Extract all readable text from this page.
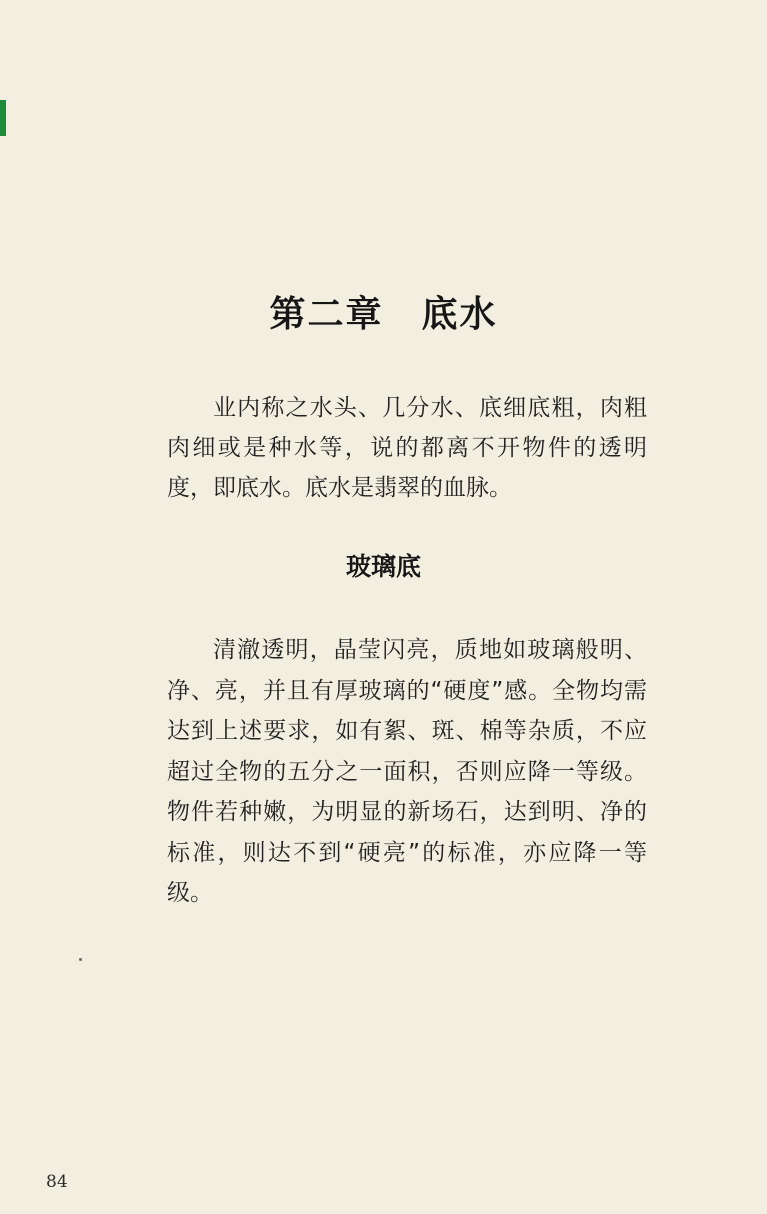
第二章　底水

业内称之水头、几分水、底细底粗，肉粗肉细或是种水等，说的都离不开物件的透明度，即底水。底水是翡翠的血脉。

玻璃底

清澈透明，晶莹闪亮，质地如玻璃般明、净、亮，并且有厚玻璃的“硬度”感。全物均需达到上述要求，如有絮、斑、棉等杂质，不应超过全物的五分之一面积，否则应降一等级。物件若种嫩，为明显的新场石，达到明、净的标准，则达不到“硬亮”的标准，亦应降一等级。

84
